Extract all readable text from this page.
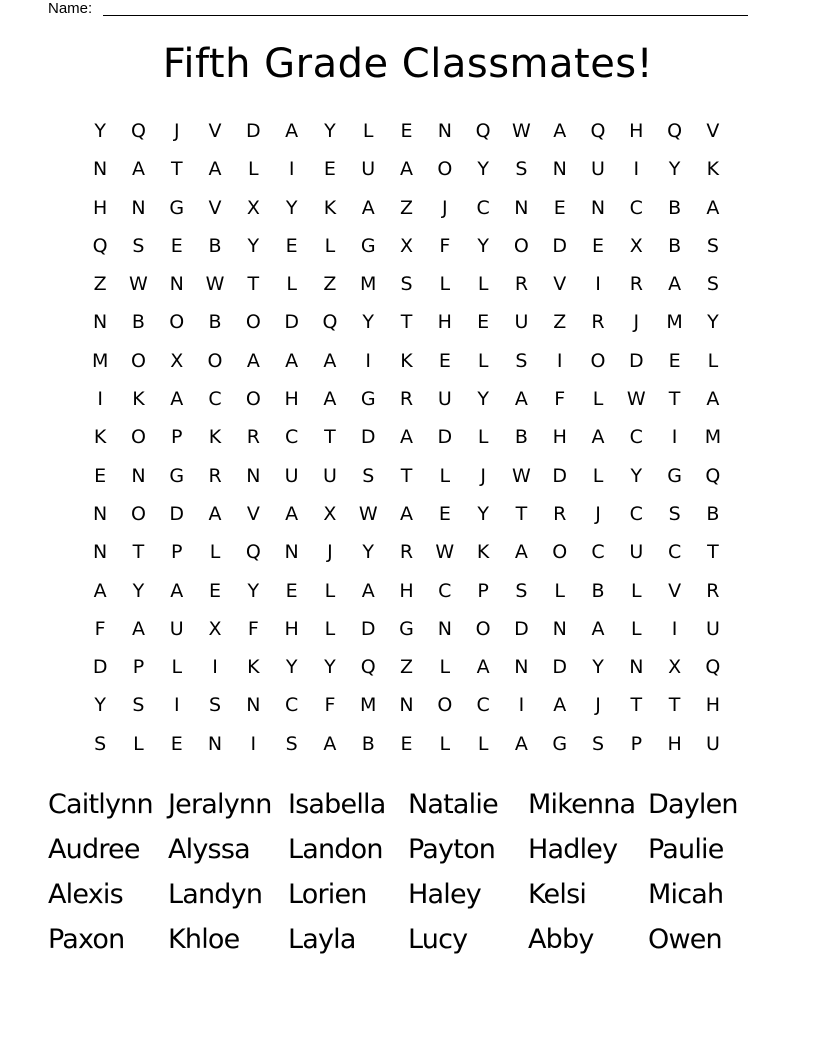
Name:
Fifth Grade Classmates!
Y	Q	J	V	D	A	Y	L	E	N	Q	W	A	Q	H	Q	V
N	A	T	A	L	I	E	U	A	O	Y	S	N	U	I	Y	K
H	N	G	V	X	Y	K	A	Z	J	C	N	E	N	C	B	A
Q	S	E	B	Y	E	L	G	X	F	Y	O	D	E	X	B	S
Z	W	N	W	T	L	Z	M	S	L	L	R	V	I	R	A	S
N	B	O	B	O	D	Q	Y	T	H	E	U	Z	R	J	M	Y
M	O	X	O	A	A	A	I	K	E	L	S	I	O	D	E	L
I	K	A	C	O	H	A	G	R	U	Y	A	F	L	W	T	A
K	O	P	K	R	C	T	D	A	D	L	B	H	A	C	I	M
E	N	G	R	N	U	U	S	T	L	J	W	D	L	Y	G	Q
N	O	D	A	V	A	X	W	A	E	Y	T	R	J	C	S	B
N	T	P	L	Q	N	J	Y	R	W	K	A	O	C	U	C	T
A	Y	A	E	Y	E	L	A	H	C	P	S	L	B	L	V	R
F	A	U	X	F	H	L	D	G	N	O	D	N	A	L	I	U
D	P	L	I	K	Y	Y	Q	Z	L	A	N	D	Y	N	X	Q
Y	S	I	S	N	C	F	M	N	O	C	I	A	J	T	T	H
S	L	E	N	I	S	A	B	E	L	L	A	G	S	P	H	U
Caitlynn Jeralynn Isabella Natalie	Mikenna Daylen
Audree	Alyssa	Landon Payton	Hadley	Paulie
Alexis	Landyn Lorien	Haley	Kelsi	Micah
Paxon	Khloe	Layla	Lucy	Abby	Owen
